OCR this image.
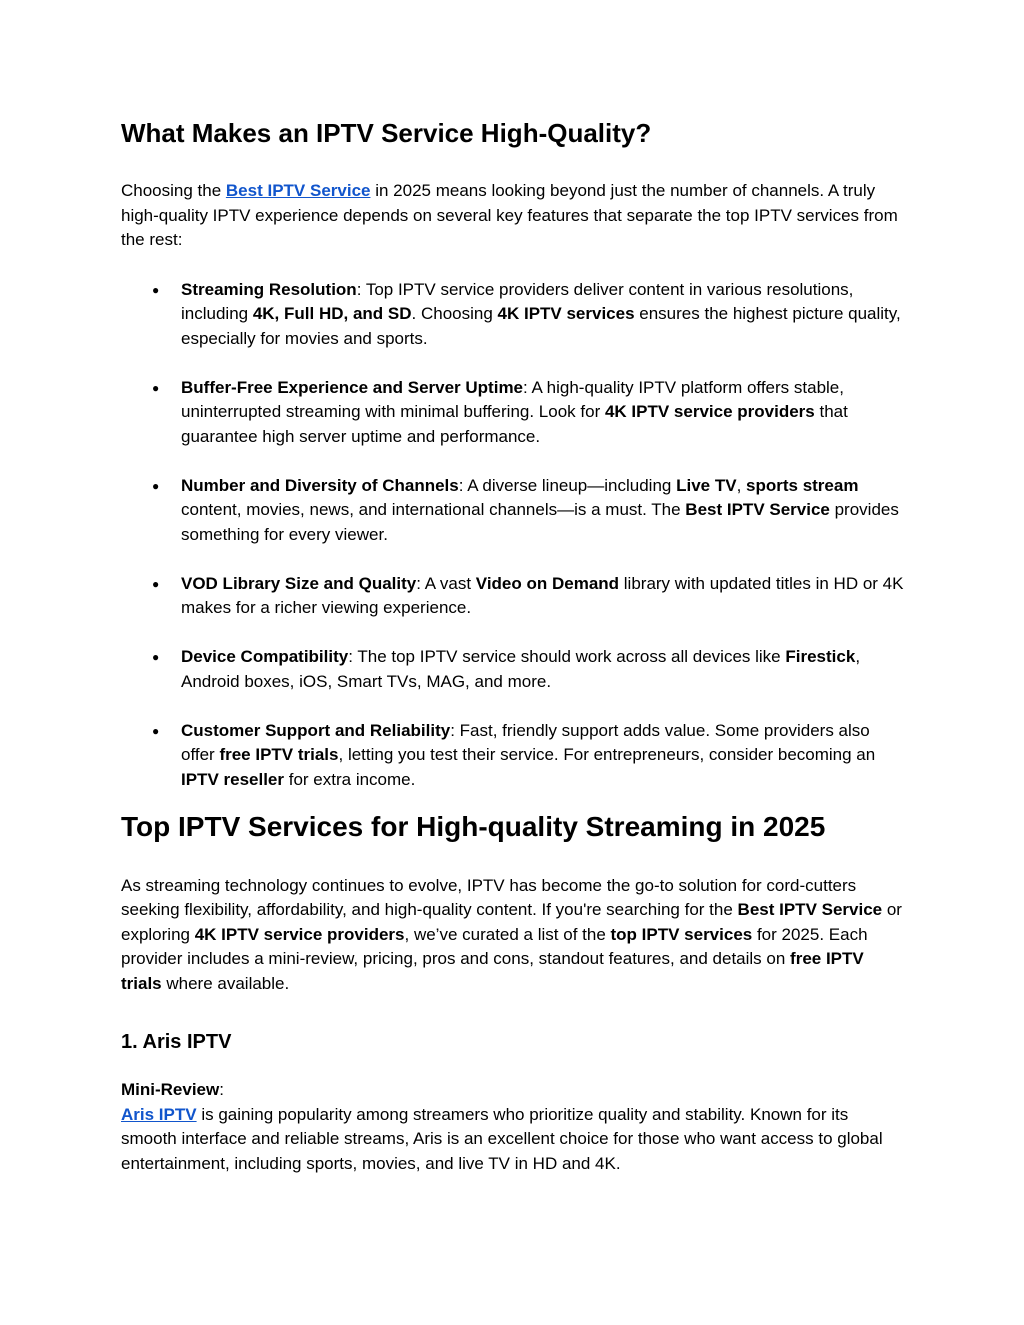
What Makes an IPTV Service High-Quality?

Choosing the Best IPTV Service in 2025 means looking beyond just the number of channels. A truly high-quality IPTV experience depends on several key features that separate the top IPTV services from the rest:

● Streaming Resolution: Top IPTV service providers deliver content in various resolutions, including 4K, Full HD, and SD. Choosing 4K IPTV services ensures the highest picture quality, especially for movies and sports.
● Buffer-Free Experience and Server Uptime: A high-quality IPTV platform offers stable, uninterrupted streaming with minimal buffering. Look for 4K IPTV service providers that guarantee high server uptime and performance.
● Number and Diversity of Channels: A diverse lineup—including Live TV, sports stream content, movies, news, and international channels—is a must. The Best IPTV Service provides something for every viewer.
● VOD Library Size and Quality: A vast Video on Demand library with updated titles in HD or 4K makes for a richer viewing experience.
● Device Compatibility: The top IPTV service should work across all devices like Firestick, Android boxes, iOS, Smart TVs, MAG, and more.
● Customer Support and Reliability: Fast, friendly support adds value. Some providers also offer free IPTV trials, letting you test their service. For entrepreneurs, consider becoming an IPTV reseller for extra income.
Top IPTV Services for High-quality Streaming in 2025

As streaming technology continues to evolve, IPTV has become the go-to solution for cord-cutters seeking flexibility, affordability, and high-quality content. If you're searching for the Best IPTV Service or exploring 4K IPTV service providers, we’ve curated a list of the top IPTV services for 2025. Each provider includes a mini-review, pricing, pros and cons, standout features, and details on free IPTV trials where available.

1. Aris IPTV

Mini-Review:

Aris IPTV is gaining popularity among streamers who prioritize quality and stability. Known for its smooth interface and reliable streams, Aris is an excellent choice for those who want access to global entertainment, including sports, movies, and live TV in HD and 4K.
